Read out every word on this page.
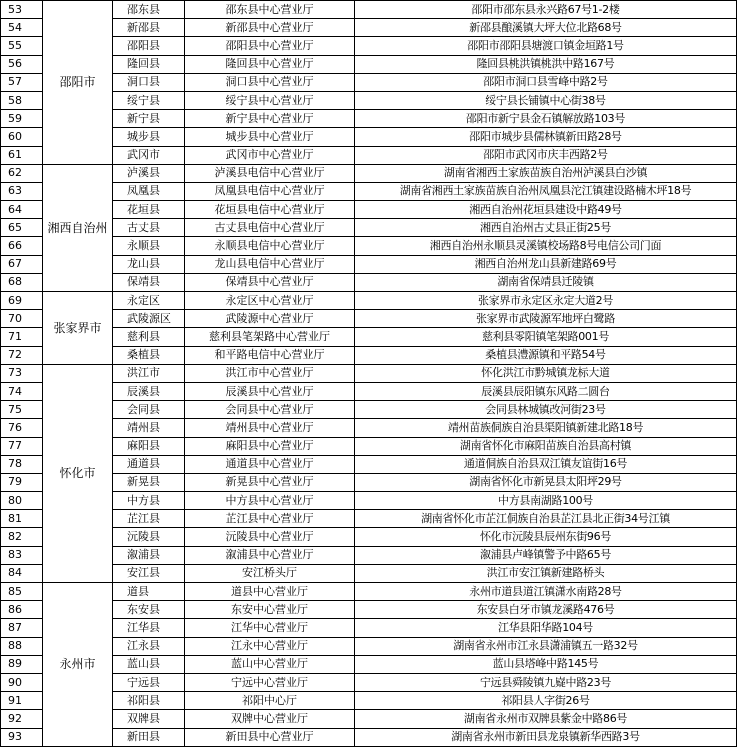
53	邵阳市	邵东县	邵东县中心营业厅	邵阳市邵东县永兴路67号1-2楼
54		新邵县	新邵县中心营业厅	新邵县酿溪镇大坪大位北路68号
55		邵阳县	邵阳县中心营业厅	邵阳市邵阳县塘渡口镇金垣路1号
56		隆回县	隆回县中心营业厅	隆回县桃洪镇桃洪中路167号
57		洞口县	洞口县中心营业厅	邵阳市洞口县雪峰中路2号
58		绥宁县	绥宁县中心营业厅	绥宁县长铺镇中心街38号
59		新宁县	新宁县中心营业厅	邵阳市新宁县金石镇解放路103号
60		城步县	城步县中心营业厅	邵阳市城步县儒林镇新田路28号
61		武冈市	武冈市中心营业厅	邵阳市武冈市庆丰西路2号
62	湘西自治州	泸溪县	泸溪县电信中心营业厅	湖南省湘西土家族苗族自治州泸溪县白沙镇
63		凤凰县	凤凰县电信中心营业厅	湖南省湘西土家族苗族自治州凤凰县沱江镇建设路楠木坪18号
64		花垣县	花垣县电信中心营业厅	湘西自治州花垣县建设中路49号
65		古丈县	古丈县电信中心营业厅	湘西自治州古丈县正街25号
66		永顺县	永顺县电信中心营业厅	湘西自治州永顺县灵溪镇校场路8号电信公司门面
67		龙山县	龙山县电信中心营业厅	湘西自治州龙山县新建路69号
68		保靖县	保靖县中心营业厅	湖南省保靖县迁陵镇
69	张家界市	永定区	永定区中心营业厅	张家界市永定区永定大道2号
70		武陵源区	武陵源中心营业厅	张家界市武陵源军地坪白鹭路
71		慈利县	慈利县笔架路中心营业厅	慈利县零阳镇笔架路001号
72		桑植县	和平路电信中心营业厅	桑植县澧源镇和平路54号
73	怀化市	洪江市	洪江市中心营业厅	怀化洪江市黔城镇龙标大道
74		辰溪县	辰溪县中心营业厅	辰溪县辰阳镇东风路二圆台
75		会同县	会同县中心营业厅	会同县林城镇改河街23号
76		靖州县	靖州县中心营业厅	靖州苗族侗族自治县渠阳镇新建北路18号
77		麻阳县	麻阳县中心营业厅	湖南省怀化市麻阳苗族自治县高村镇
78		通道县	通道县中心营业厅	通道侗族自治县双江镇友谊街16号
79		新晃县	新晃县中心营业厅	湖南省怀化市新晃县太阳坪29号
80		中方县	中方县中心营业厅	中方县南湖路100号
81		芷江县	芷江县中心营业厅	湖南省怀化市芷江侗族自治县芷江县北正街34号江镇
82		沅陵县	沅陵县中心营业厅	怀化市沅陵县辰州东街96号
83		溆浦县	溆浦县中心营业厅	溆浦县卢峰镇警予中路65号
84		安江县	安江桥头厅	洪江市安江镇新建路桥头
85	永州市	道县	道县中心营业厅	永州市道县道江镇潇水南路28号
86		东安县	东安中心营业厅	东安县白牙市镇龙溪路476号
87		江华县	江华中心营业厅	江华县阳华路104号
88		江永县	江永中心营业厅	湖南省永州市江永县潇浦镇五一路32号
89		蓝山县	蓝山中心营业厅	蓝山县塔峰中路145号
90		宁远县	宁远中心营业厅	宁远县舜陵镇九嶷中路23号
91		祁阳县	祁阳中心厅	祁阳县人字街26号
92		双牌县	双牌中心营业厅	湖南省永州市双牌县紫金中路86号
93		新田县	新田县中心营业厅	湖南省永州市新田县龙泉镇新华西路3号
